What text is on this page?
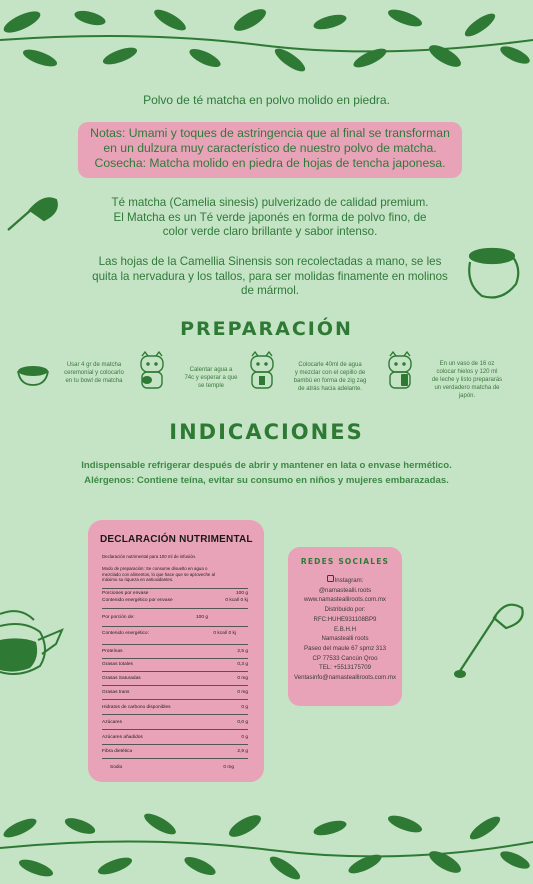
Polvo de té matcha en polvo molido en piedra.
Notas: Umami y toques de astringencia que al final se transforman
en un dulzura muy característico de nuestro polvo de matcha.
Cosecha: Matcha molido en piedra de hojas de tencha japonesa.
Té matcha (Camelia sinesis) pulverizado de calidad premium.
El Matcha es un Té verde japonés en forma de polvo fino, de
color verde claro brillante y sabor intenso.
Las hojas de la Camellia Sinensis son recolectadas a mano, se les
quita la nervadura y los tallos, para ser molidas finamente en molinos
de mármol.
PREPARACIÓN
Usar 4 gr de matcha
ceremonial y colocarlo
en tu bowl de matcha
Calentar agua a
74c y esperar a que
se temple
Colocarle 40ml de agua
y mezclar con el cepillo de
bambú en forma de zig zag
de atrás hacia adelante.
En un vaso de 16 oz
colocar hielos y 120 ml
de leche y listo prepararás
un verdadero matcha de
japón.
INDICACIONES
Indispensable refrigerar después de abrir y mantener en lata o envase hermético.
Alérgenos: Contiene teína, evitar su consumo en niños y mujeres embarazadas.
DECLARACIÓN NUTRIMENTAL
Declaración nutrimental para 100 ml de infusión.
Modo de preparación: Se consume disuelto en agua o
mezclado con alimentos, lo que hace que se aproveche al
máximo su riqueza en antioxidantes.
Porciones por envase	100 g
Contenido energético por envase	0 kcal/ 0 kj
Por porción de:	100 g
Contenido energético:	0 kcal/ 0 kj
Proteínas	2,5 g
Grasas totales	0,3 g
Grasas Saturadas	0 mg
Grasas trans	0 mg
Hidratos de carbono disponibles	0 g
Azúcares	0,0 g
Azúcares añadidos	0 g
Fibra dietética	2,9 g
Sodio	0 mg
REDES SOCIALES
Instagram:
@namastealli.roots
www.namastealliroots.com.mx
Distribuido por:
RFC:HUHE931108BP9
E.B.H.H
Namastealli roots
Paseo del maule 67 spmz 313
CP 77533 Cancún Qroo
TEL: +5513175709
Ventasinfo@namastealliroots.com.mx
